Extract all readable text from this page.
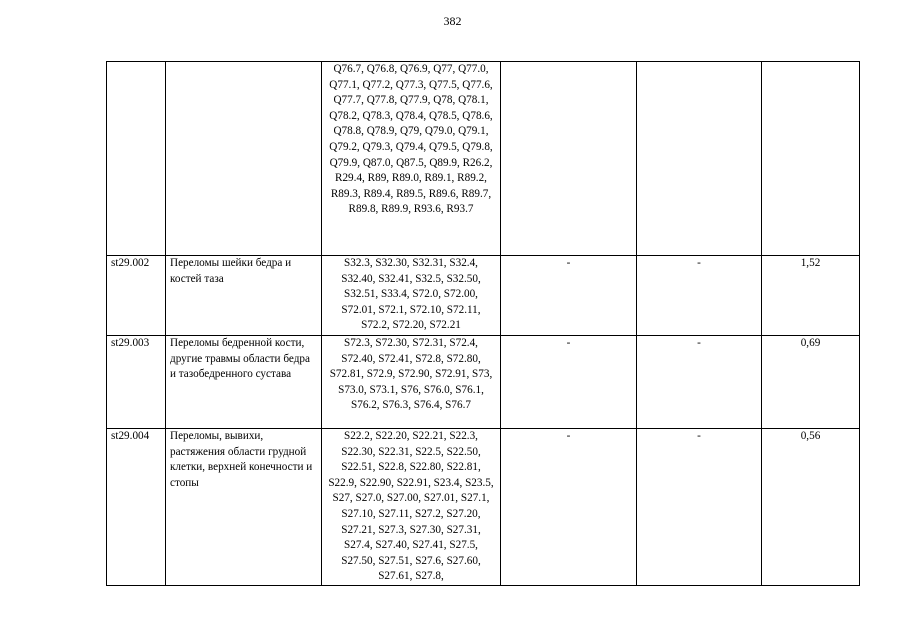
382
		Q76.7, Q76.8, Q76.9, Q77, Q77.0, Q77.1, Q77.2, Q77.3, Q77.5, Q77.6, Q77.7, Q77.8, Q77.9, Q78, Q78.1, Q78.2, Q78.3, Q78.4, Q78.5, Q78.6, Q78.8, Q78.9, Q79, Q79.0, Q79.1, Q79.2, Q79.3, Q79.4, Q79.5, Q79.8, Q79.9, Q87.0, Q87.5, Q89.9, R26.2, R29.4, R89, R89.0, R89.1, R89.2, R89.3, R89.4, R89.5, R89.6, R89.7, R89.8, R89.9, R93.6, R93.7			
st29.002	Переломы шейки бедра и костей таза	S32.3, S32.30, S32.31, S32.4, S32.40, S32.41, S32.5, S32.50, S32.51, S33.4, S72.0, S72.00, S72.01, S72.1, S72.10, S72.11, S72.2, S72.20, S72.21	-	-	1,52
st29.003	Переломы бедренной кости, другие травмы области бедра и тазобедренного сустава	S72.3, S72.30, S72.31, S72.4, S72.40, S72.41, S72.8, S72.80, S72.81, S72.9, S72.90, S72.91, S73, S73.0, S73.1, S76, S76.0, S76.1, S76.2, S76.3, S76.4, S76.7	-	-	0,69
st29.004	Переломы, вывихи, растяжения области грудной клетки, верхней конечности и стопы	S22.2, S22.20, S22.21, S22.3, S22.30, S22.31, S22.5, S22.50, S22.51, S22.8, S22.80, S22.81, S22.9, S22.90, S22.91, S23.4, S23.5, S27, S27.0, S27.00, S27.01, S27.1, S27.10, S27.11, S27.2, S27.20, S27.21, S27.3, S27.30, S27.31, S27.4, S27.40, S27.41, S27.5, S27.50, S27.51, S27.6, S27.60, S27.61, S27.8,	-	-	0,56
